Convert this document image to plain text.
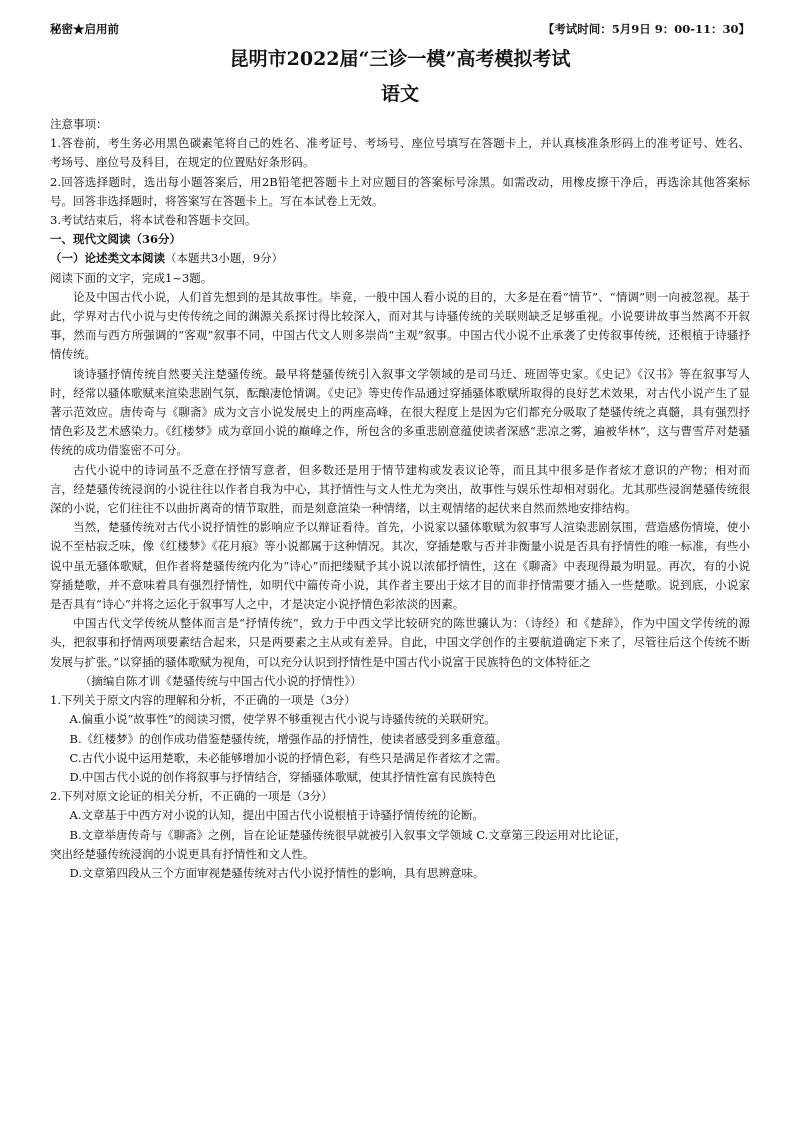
秘密★启用前	【考试时间：5月9日 9：00-11：30】
昆明市2022届“三诊一模”高考模拟考试
语文

注意事项：

1.答卷前，考生务必用黑色碳素笔将自己的姓名、准考证号、考场号、座位号填写在答题卡上，并认真核准条形码上的准考证号、姓名、考场号、座位号及科目，在规定的位置贴好条形码。

2.回答选择题时，选出每小题答案后，用2B铅笔把答题卡上对应题目的答案标号涂黑。如需改动，用橡皮擦干净后，再选涂其他答案标号。回答非选择题时，将答案写在答题卡上。写在本试卷上无效。

3.考试结束后，将本试卷和答题卡交回。

一、现代文阅读（36分）

（一）论述类文本阅读（本题共3小题，9分）

阅读下面的文字，完成1~3题。

论及中国古代小说，人们首先想到的是其故事性。毕竟，一般中国人看小说的目的，大多是在看“情节”、“情调”则一向被忽视。基于此，学界对古代小说与史传传统之间的渊源关系探讨得比较深入，而对其与诗骚传统的关联则缺乏足够重视。小说要讲故事当然离不开叙事，然而与西方所强调的“客观”叙事不同，中国古代文人则多崇尚“主观”叙事。中国古代小说不止承袭了史传叙事传统，还根植于诗骚抒情传统。

谈诗骚抒情传统自然要关注楚骚传统。最早将楚骚传统引入叙事文学领域的是司马迁、班固等史家。《史记》《汉书》等在叙事写人时，经常以骚体歌赋来渲染悲剧气氛，酝酿凄怆情调。《史记》等史传作品通过穿插骚体歌赋所取得的良好艺术效果，对古代小说产生了显著示范效应。唐传奇与《聊斋》成为文言小说发展史上的两座高峰，在很大程度上是因为它们都充分吸取了楚骚传统之真髓，具有强烈抒情色彩及艺术感染力。《红楼梦》成为章回小说的巅峰之作，所包含的多重悲剧意蕴使读者深感“悲凉之雾，遍被华林”，这与曹雪芹对楚骚传统的成功借鉴密不可分。

古代小说中的诗词虽不乏意在抒情写意者，但多数还是用于情节建构或发表议论等，而且其中很多是作者炫才意识的产物；相对而言，经楚骚传统浸润的小说往往以作者自我为中心，其抒情性与文人性尤为突出，故事性与娱乐性却相对弱化。尤其那些浸润楚骚传统很深的小说，它们往往不以曲折离奇的情节取胜，而是刻意渲染一种情绪，以主观情绪的起伏来自然而然地安排结构。

当然，楚骚传统对古代小说抒情性的影响应予以辩证看待。首先，小说家以骚体歌赋为叙事写人渲染悲剧氛围，营造感伤情境，使小说不至枯寂乏味，像《红楼梦》《花月痕》等小说都属于这种情况。其次，穿插楚歌与否并非衡量小说是否具有抒情性的唯一标准，有些小说中虽无骚体歌赋，但作者将楚骚传统内化为“诗心”而把缕赋予其小说以浓郁抒情性，这在《聊斋》中表现得最为明显。再次，有的小说穿插楚歌，并不意味着具有强烈抒情性，如明代中篇传奇小说，其作者主要出于炫才目的而非抒情需要才插入一些楚歌。说到底，小说家是否具有“诗心”并将之运化于叙事写人之中，才是决定小说抒情色彩浓淡的因素。

中国古代文学传统从整体而言是“抒情传统”，致力于中西文学比较研究的陈世骧认为：（诗经）和《楚辞》，作为中国文学传统的源头，把叙事和抒情两项要素结合起来，只是两要素之主从或有差异。自此，中国文学创作的主要航道确定下来了，尽管往后这个传统不断发展与扩张。”以穿插的骚体歌赋为视角，可以充分认识到抒情性是中国古代小说富于民族特色的文体特征之

（摘编自陈才训《楚骚传统与中国古代小说的抒情性》）

1.下列关于原文内容的理解和分析，不正确的一项是（3分）

A.偏重小说“故事性”的阅读习惯，使学界不够重视古代小说与诗骚传统的关联研究。

B.《红楼梦》的创作成功借鉴楚骚传统，增强作品的抒情性，使读者感受到多重意蕴。

C.古代小说中运用楚歌，未必能够增加小说的抒情色彩，有些只是满足作者炫才之需。

D.中国古代小说的创作将叙事与抒情结合，穿插骚体歌赋，使其抒情性富有民族特色

2.下列对原文论证的相关分析，不正确的一项是（3分）

A.文章基于中西方对小说的认知，提出中国古代小说根植于诗骚抒情传统的论断。

B.文章举唐传奇与《聊斋》之例，旨在论证楚骚传统很早就被引入叙事文学领域 C.文章第三段运用对比论证，

突出经楚骚传统浸润的小说更具有抒情性和文人性。

D.文章第四段从三个方面审视楚骚传统对古代小说抒情性的影响，具有思辨意味。
